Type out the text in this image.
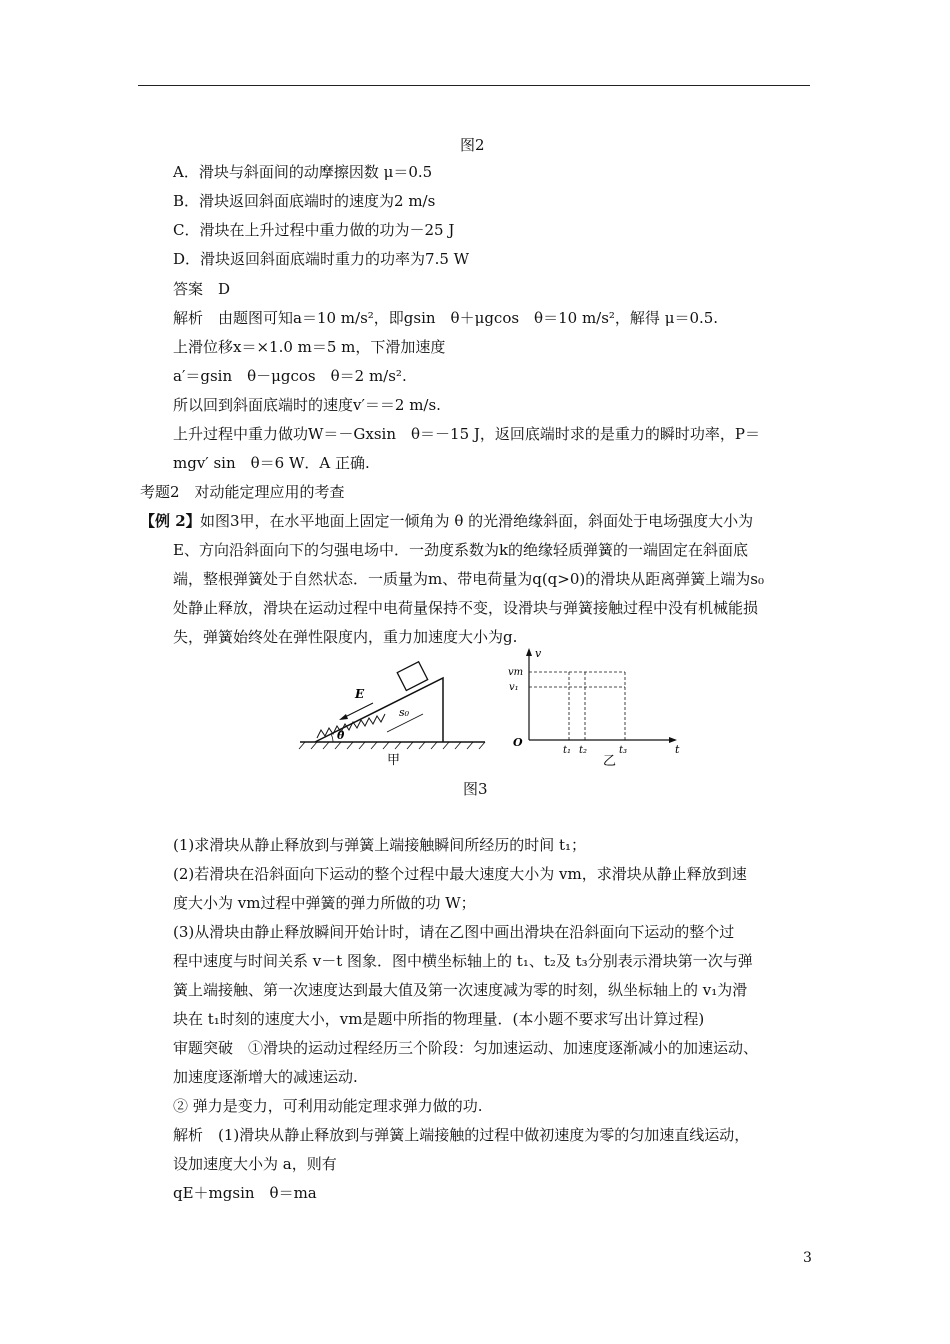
图2
A．滑块与斜面间的动摩擦因数 μ＝0.5
B．滑块返回斜面底端时的速度为2 m/s
C．滑块在上升过程中重力做的功为－25 J
D．滑块返回斜面底端时重力的功率为7.5 W
答案　D
解析　由题图可知a＝10 m/s²，即gsin　θ＋μgcos　θ＝10 m/s²，解得 μ＝0.5.
上滑位移x＝×1.0 m＝5 m，下滑加速度
a′＝gsin　θ－μgcos　θ＝2 m/s².
所以回到斜面底端时的速度v′＝＝2 m/s.
上升过程中重力做功W＝－Gxsin　θ＝－15 J，返回底端时求的是重力的瞬时功率，P＝
mgv′ sin　θ＝6 W．A 正确.
考题2　对动能定理应用的考查
【例 2】 如图3甲，在水平地面上固定一倾角为 θ 的光滑绝缘斜面，斜面处于电场强度大小为
E、方向沿斜面向下的匀强电场中．一劲度系数为k的绝缘轻质弹簧的一端固定在斜面底
端，整根弹簧处于自然状态．一质量为m、带电荷量为q(q>0)的滑块从距离弹簧上端为s₀
处静止释放，滑块在运动过程中电荷量保持不变，设滑块与弹簧接触过程中没有机械能损
失，弹簧始终处在弹性限度内，重力加速度大小为g.
E
s₀
θ
甲
v
vm
v₁
O
t₁ t₂	t₃	t
乙
图3
(1)求滑块从静止释放到与弹簧上端接触瞬间所经历的时间 t₁；
(2)若滑块在沿斜面向下运动的整个过程中最大速度大小为 vm，求滑块从静止释放到速
度大小为 vm过程中弹簧的弹力所做的功 W；
(3)从滑块由静止释放瞬间开始计时，请在乙图中画出滑块在沿斜面向下运动的整个过
程中速度与时间关系 v－t 图象．图中横坐标轴上的 t₁、t₂及 t₃分别表示滑块第一次与弹
簧上端接触、第一次速度达到最大值及第一次速度减为零的时刻，纵坐标轴上的 v₁为滑
块在 t₁时刻的速度大小，vm是题中所指的物理量．(本小题不要求写出计算过程)
审题突破　①滑块的运动过程经历三个阶段：匀加速运动、加速度逐渐减小的加速运动、
加速度逐渐增大的减速运动.
② 弹力是变力，可利用动能定理求弹力做的功.
解析　(1)滑块从静止释放到与弹簧上端接触的过程中做初速度为零的匀加速直线运动，
设加速度大小为 a，则有
qE＋mgsin　θ＝ma
3
